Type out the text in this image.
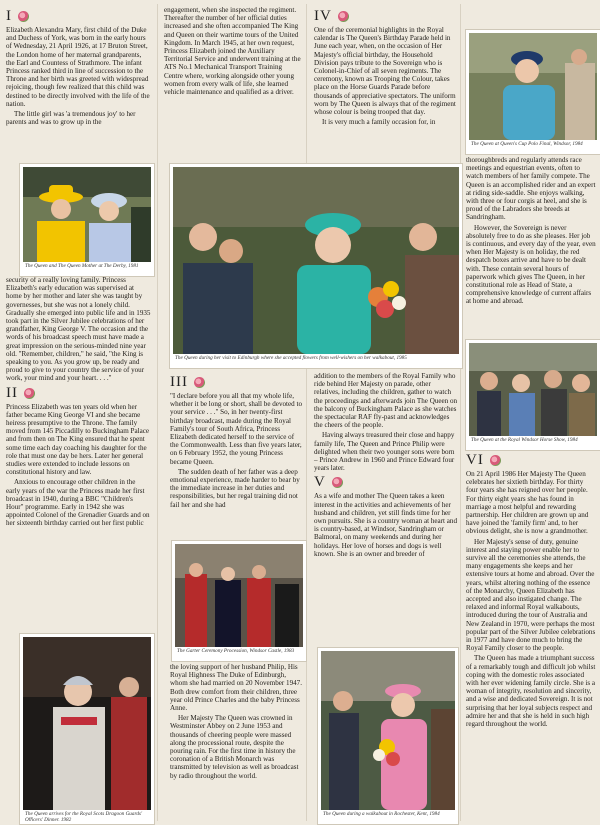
I

Elizabeth Alexandra Mary, first child of the Duke and Duchess of York, was born in the early hours of Wednesday, 21 April 1926, at 17 Bruton Street, the London home of her maternal grandparents, the Earl and Countess of Strathmore. The infant Princess ranked third in line of succession to the Throne and her birth was greeted with widespread rejoicing, though few realized that this child was destined to be directly involved with the life of the nation.

The little girl was 'a tremendous joy' to her parents and was to grow up in the

security of a really loving family. Princess Elizabeth's early education was supervised at home by her mother and later she was taught by governesses, but she was not a lonely child. Gradually she emerged into public life and in 1935 took part in the Silver Jubilee celebrations of her grandfather, King George V. The occasion and the words of his broadcast speech must have made a great impression on the serious-minded nine year old. "Remember, children," he said, "the King is speaking to you. As you grow up, be ready and proud to give to your country the service of your work, your mind and your heart. . . ."

II

Princess Elizabeth was ten years old when her father became King George VI and she became heiress presumptive to the Throne. The family moved from 145 Piccadilly to Buckingham Palace and from then on The King ensured that he spent some time each day coaching his daughter for the role that must one day be hers. Later her general studies were extended to include lessons on constitutional history and law.

Anxious to encourage other children in the early years of the war the Princess made her first broadcast in 1940, during a BBC "Children's Hour" programme. Early in 1942 she was appointed Colonel of the Grenadier Guards and on her sixteenth birthday carried out her first public

The Queen and The Queen Mother at The Derby, 1981
The Queen arrives for the Royal Scots Dragoon Guards' Officers' Dinner, 1982

engagement, when she inspected the regiment. Thereafter the number of her official duties increased and she often accompanied The King and Queen on their wartime tours of the United Kingdom. In March 1945, at her own request, Princess Elizabeth joined the Auxiliary Territorial Service and underwent training at the ATS No.1 Mechanical Transport Training Centre where, working alongside other young women from every walk of life, she learned vehicle maintenance and qualified as a driver.

The Queen during her visit to Edinburgh where she accepted flowers from well-wishers on her walkabout, 1985
III

"I declare before you all that my whole life, whether it be long or short, shall be devoted to your service . . ." So, in her twenty-first birthday broadcast, made during the Royal Family's tour of South Africa, Princess Elizabeth dedicated herself to the service of the Commonwealth. Less than five years later, on 6 February 1952, the young Princess became Queen.

The sudden death of her father was a deep emotional experience, made harder to bear by the immediate increase in her duties and responsibilities, but her regal training did not fail her and she had

The Garter Ceremony Procession, Windsor Castle, 1983

the loving support of her husband Philip, His Royal Highness The Duke of Edinburgh, whom she had married on 20 November 1947. Both drew comfort from their children, three year old Prince Charles and the baby Princess Anne.

Her Majesty The Queen was crowned in Westminster Abbey on 2 June 1953 and thousands of cheering people were massed along the processional route, despite the pouring rain. For the first time in history the coronation of a British Monarch was transmitted by television as well as broadcast by radio throughout the world.

IV

One of the ceremonial highlights in the Royal calendar is The Queen's Birthday Parade held in June each year, when, on the occasion of Her Majesty's official birthday, the Household Division pays tribute to the Sovereign who is Colonel-in-Chief of all seven regiments. The ceremony, known as Trooping the Colour, takes place on the Horse Guards Parade before thousands of appreciative spectators. The uniform worn by The Queen is always that of the regiment whose colour is being trooped that day.

It is very much a family occasion for, in

addition to the members of the Royal Family who ride behind Her Majesty on parade, other relatives, including the children, gather to watch the proceedings and afterwards join The Queen on the balcony of Buckingham Palace as she watches the spectacular RAF fly-past and acknowledges the cheers of the people.

Having always treasured their close and happy family life, The Queen and Prince Philip were delighted when their two younger sons were born – Prince Andrew in 1960 and Prince Edward four years later.

V

As a wife and mother The Queen takes a keen interest in the activities and achievements of her husband and children, yet still finds time for her own pursuits. She is a country woman at heart and is country-based, at Windsor, Sandringham or Balmoral, on many weekends and during her holidays. Her love of horses and dogs is well known. She is an owner and breeder of

The Queen during a walkabout in Rochester, Kent, 1984
The Queen at Queen's Cup Polo Final, Windsor, 1984

thoroughbreds and regularly attends race meetings and equestrian events, often to watch members of her family compete. The Queen is an accomplished rider and an expert at riding side-saddle. She enjoys walking, with three or four corgis at heel, and she is proud of the Labradors she breeds at Sandringham.

However, the Sovereign is never absolutely free to do as she pleases. Her job is continuous, and every day of the year, even when Her Majesty is on holiday, the red despatch boxes arrive and have to be dealt with. These contain several hours of paperwork which gives The Queen, in her constitutional role as Head of State, a comprehensive knowledge of current affairs at home and abroad.

The Queen at the Royal Windsor Horse Show, 1984
VI

On 21 April 1986 Her Majesty The Queen celebrates her sixtieth birthday. For thirty four years she has reigned over her people. For thirty eight years she has found in marriage a most helpful and rewarding partnership. Her children are grown up and have joined the 'family firm' and, to her obvious delight, she is now a grandmother.

Her Majesty's sense of duty, genuine interest and staying power enable her to survive all the ceremonies she attends, the many engagements she keeps and her extensive tours at home and abroad. Over the years, whilst altering nothing of the essence of the Monarchy, Queen Elizabeth has accepted and also instigated change. The relaxed and informal Royal walkabouts, introduced during the tour of Australia and New Zealand in 1970, were perhaps the most popular part of the Silver Jubilee celebrations in 1977 and have done much to bring the Royal Family closer to the people.

The Queen has made a triumphant success of a remarkably tough and difficult job whilst coping with the domestic roles associated with her ever widening family circle. She is a woman of integrity, resolution and sincerity, and a wise and dedicated Sovereign. It is not surprising that her loyal subjects respect and admire her and that she is held in such high regard throughout the world.
